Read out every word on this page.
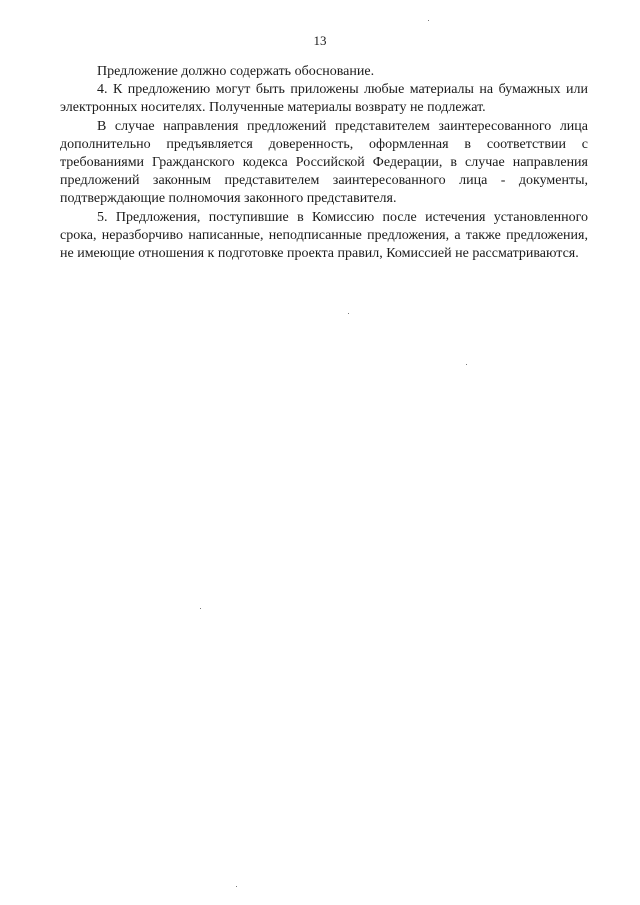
13

Предложение должно содержать обоснование.

4. К предложению могут быть приложены любые материалы на бумажных или электронных носителях. Полученные материалы возврату не подлежат.

В случае направления предложений представителем заинтересованного лица дополнительно предъявляется доверенность, оформленная в соответствии с требованиями Гражданского кодекса Российской Федерации, в случае направления предложений законным представителем заинтересованного лица - документы, подтверждающие полномочия законного представителя.

5. Предложения, поступившие в Комиссию после истечения установленного срока, неразборчиво написанные, неподписанные предложения, а также предложения, не имеющие отношения к подготовке проекта правил, Комиссией не рассматриваются.
